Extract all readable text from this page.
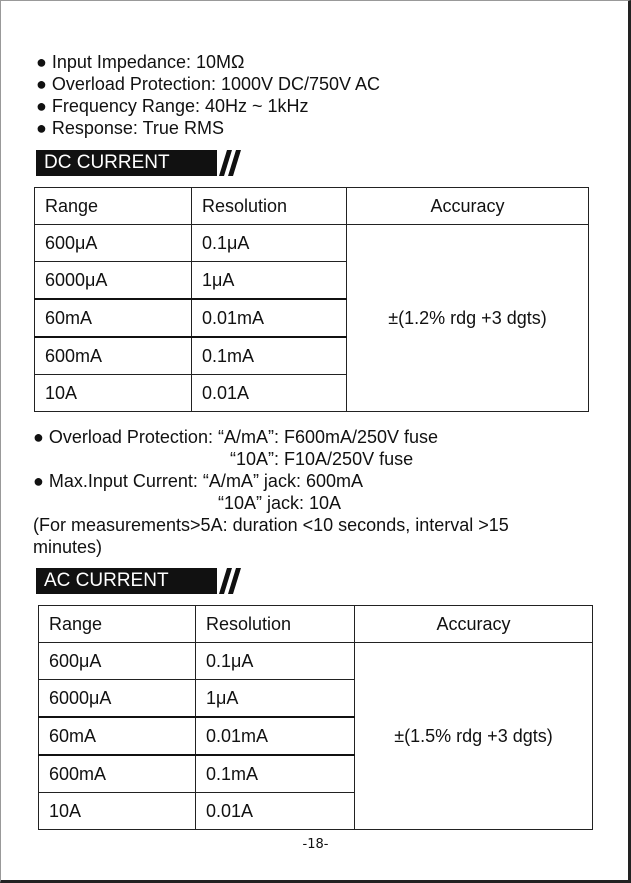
● Input Impedance: 10MΩ
● Overload Protection: 1000V DC/750V AC
● Frequency Range: 40Hz ~ 1kHz
● Response: True RMS
DC CURRENT
Range	Resolution	Accuracy
600μA	0.1μA	±(1.2% rdg +3 dgts)
6000μA	1μA	
60mA	0.01mA	
600mA	0.1mA	
10A	0.01A	
● Overload Protection: “A/mA”: F600mA/250V fuse
“10A”: F10A/250V fuse
● Max.Input Current: “A/mA” jack: 600mA
“10A” jack: 10A
(For measurements>5A: duration <10 seconds, interval >15
minutes)
AC CURRENT
Range	Resolution	Accuracy
600μA	0.1μA	±(1.5% rdg +3 dgts)
6000μA	1μA	
60mA	0.01mA	
600mA	0.1mA	
10A	0.01A	
-18-
